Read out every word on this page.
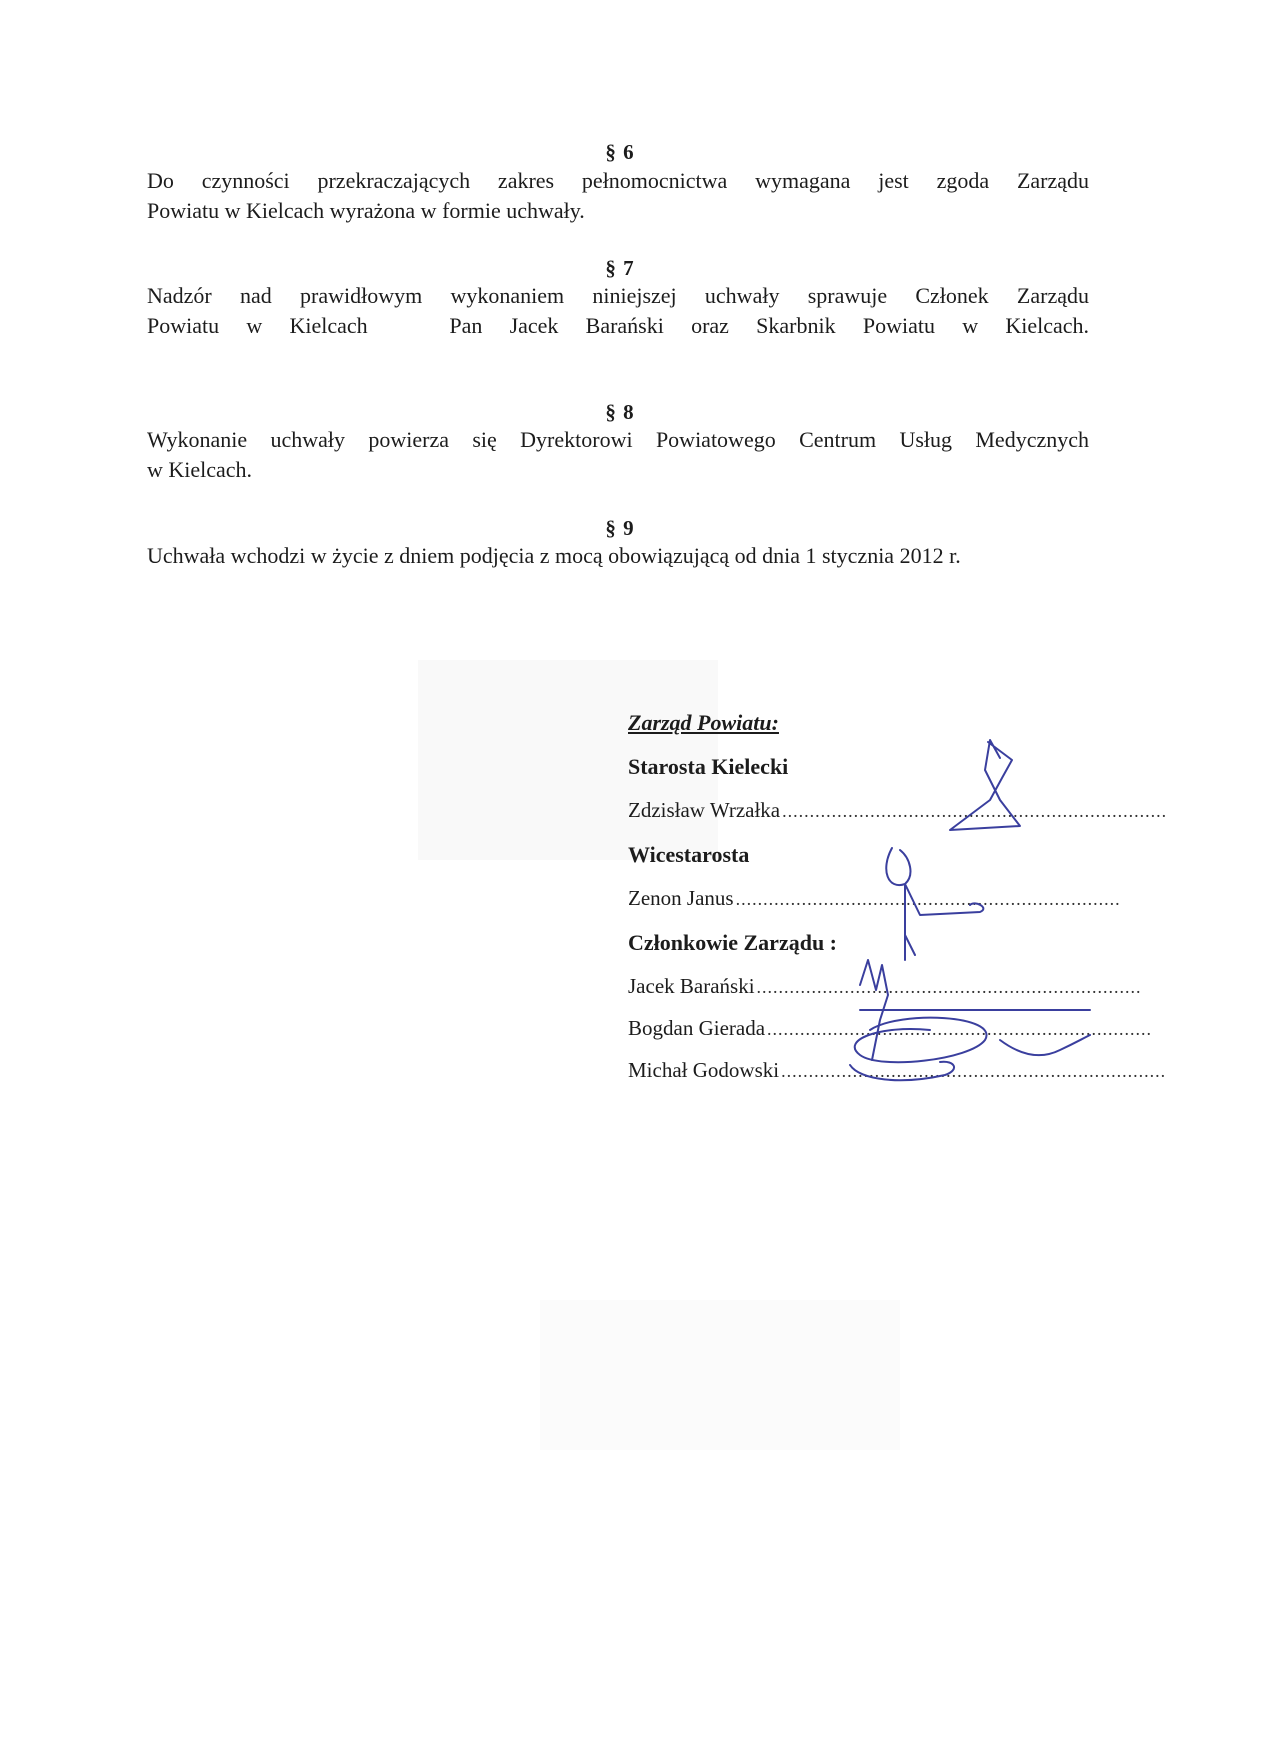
§ 6
Do czynności przekraczających zakres pełnomocnictwa wymagana jest zgoda Zarządu
Powiatu w Kielcach wyrażona w formie uchwały.
§ 7
Nadzór nad prawidłowym wykonaniem niniejszej uchwały sprawuje Członek Zarządu
Powiatu w Kielcach   Pan Jacek Barański oraz Skarbnik Powiatu w Kielcach.
§ 8
Wykonanie uchwały powierza się Dyrektorowi Powiatowego Centrum Usług Medycznych
w Kielcach.
§ 9
Uchwała wchodzi w życie z dniem podjęcia z mocą obowiązującą od dnia 1 stycznia 2012 r.
Zarząd Powiatu:
Starosta Kielecki
Zdzisław Wrzałka ......................................................................
Wicestarosta
Zenon Janus ......................................................................
Członkowie Zarządu :
Jacek Barański ......................................................................
Bogdan Gierada ......................................................................
Michał Godowski ......................................................................
